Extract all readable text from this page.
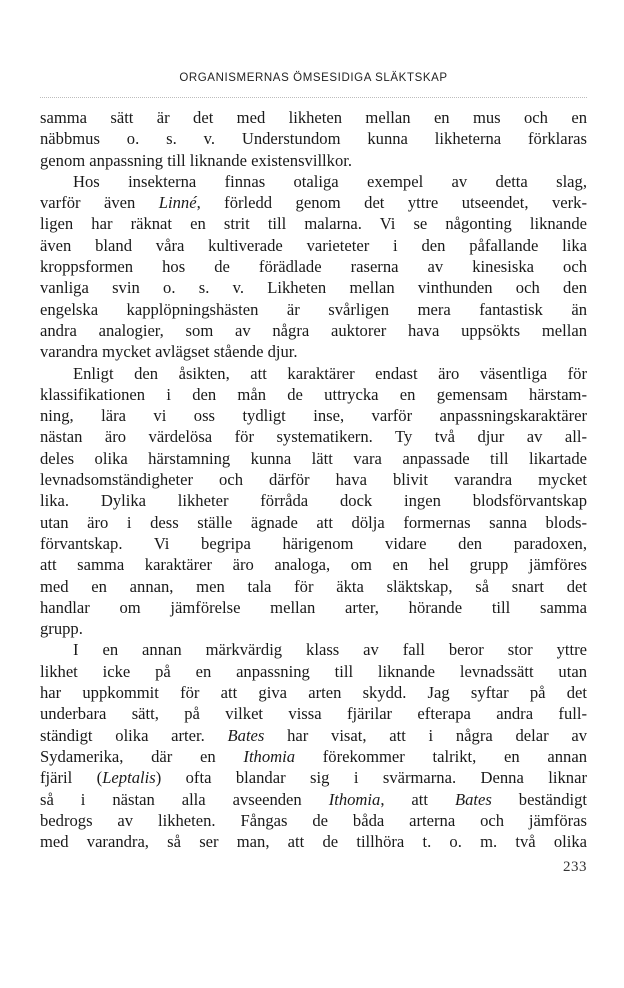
ORGANISMERNAS ÖMSESIDIGA SLÄKTSKAP
samma sätt är det med likheten mellan en mus och en
näbbmus o. s. v. Understundom kunna likheterna förklaras
genom anpassning till liknande existensvillkor.
Hos insekterna finnas otaliga exempel av detta slag,
varför även Linné, förledd genom det yttre utseendet, verk-
ligen har räknat en strit till malarna. Vi se någonting liknande
även bland våra kultiverade varieteter i den påfallande lika
kroppsformen hos de förädlade raserna av kinesiska och
vanliga svin o. s. v. Likheten mellan vinthunden och den
engelska kapplöpningshästen är svårligen mera fantastisk än
andra analogier, som av några auktorer hava uppsökts mellan
varandra mycket avlägset stående djur.
Enligt den åsikten, att karaktärer endast äro väsentliga för
klassifikationen i den mån de uttrycka en gemensam härstam-
ning, lära vi oss tydligt inse, varför anpassningskaraktärer
nästan äro värdelösa för systematikern. Ty två djur av all-
deles olika härstamning kunna lätt vara anpassade till likartade
levnadsomständigheter och därför hava blivit varandra mycket
lika. Dylika likheter förråda dock ingen blodsförvantskap
utan äro i dess ställe ägnade att dölja formernas sanna blods-
förvantskap. Vi begripa härigenom vidare den paradoxen,
att samma karaktärer äro analoga, om en hel grupp jämföres
med en annan, men tala för äkta släktskap, så snart det
handlar om jämförelse mellan arter, hörande till samma
grupp.
I en annan märkvärdig klass av fall beror stor yttre
likhet icke på en anpassning till liknande levnadssätt utan
har uppkommit för att giva arten skydd. Jag syftar på det
underbara sätt, på vilket vissa fjärilar efterapa andra full-
ständigt olika arter. Bates har visat, att i några delar av
Sydamerika, där en Ithomia förekommer talrikt, en annan
fjäril (Leptalis) ofta blandar sig i svärmarna. Denna liknar
så i nästan alla avseenden Ithomia, att Bates beständigt
bedrogs av likheten. Fångas de båda arterna och jämföras
med varandra, så ser man, att de tillhöra t. o. m. två olika
233
